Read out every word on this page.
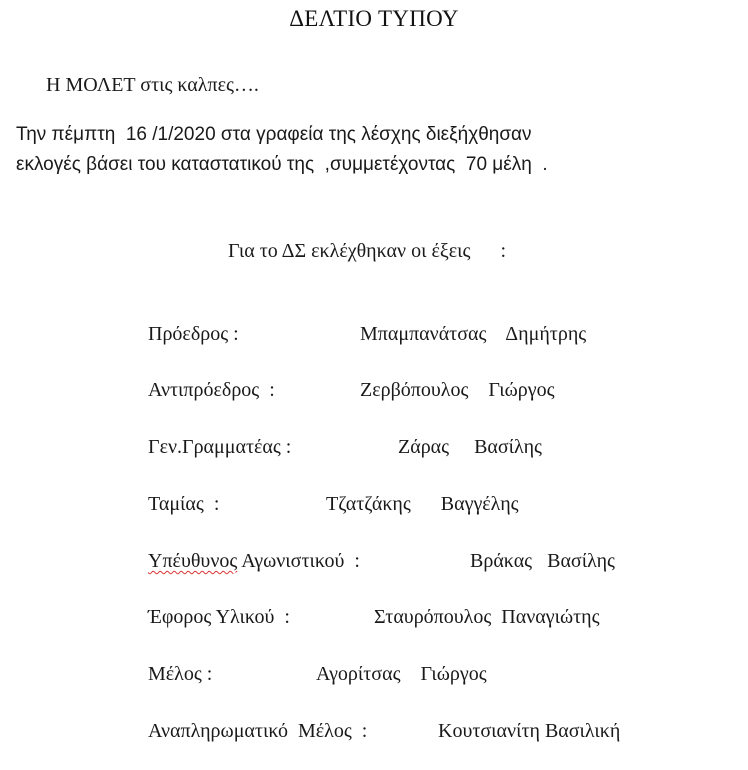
ΔΕΛΤΙΟ ΤΥΠΟΥ
Η ΜΟΛΕΤ στις καλπες….
Την πέμπτη  16 /1/2020 στα γραφεία της λέσχης διεξήχθησαν
εκλογές βάσει του καταστατικού της  ,συμμετέχοντας  70 μέλη  .
Για το ΔΣ εκλέχθηκαν οι έξεις      :
Πρόεδρος :	Μπαμπανάτσας    Δημήτρης
Αντιπρόεδρος  :	Ζερβόπουλος    Γιώργος
Γεν.Γραμματέας :	Ζάρας     Βασίλης
Ταμίας  :	Τζατζάκης      Βαγγέλης
Υπέυθυνος Αγωνιστικού  :	Βράκας   Βασίλης
Έφορος Υλικού  :	Σταυρόπουλος  Παναγιώτης
Μέλος :	Αγορίτσας    Γιώργος
Αναπληρωματικό  Μέλος  :	Κουτσιανίτη Βασιλική
